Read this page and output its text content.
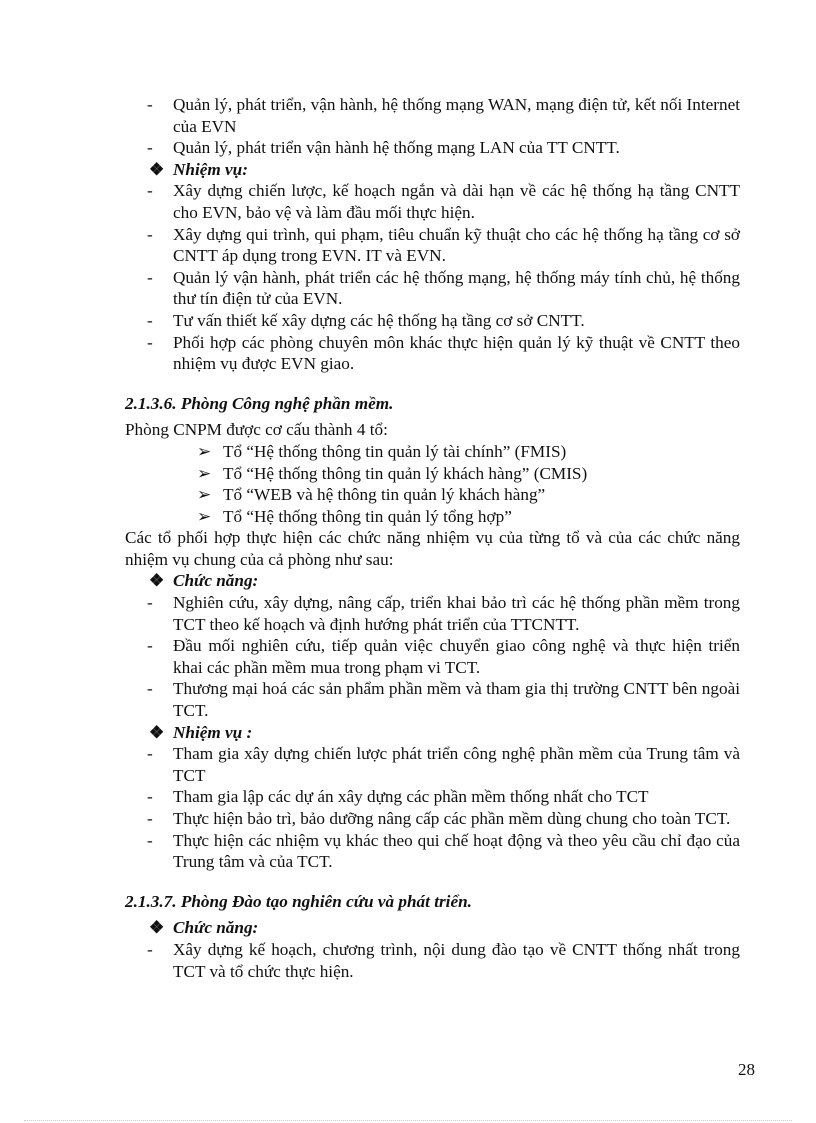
-	Quản lý, phát triển, vận hành, hệ thống mạng WAN, mạng điện tử, kết nối Internet của EVN
-	Quản lý, phát triển vận hành hệ thống mạng LAN của TT CNTT.
❖ Nhiệm vụ:
-	Xây dựng chiến lược, kế hoạch ngắn và dài hạn về các hệ thống hạ tầng CNTT cho EVN, bảo vệ và làm đầu mối thực hiện.
-	Xây dựng qui trình, qui phạm, tiêu chuẩn kỹ thuật cho các hệ thống hạ tầng cơ sở CNTT áp dụng trong EVN. IT và EVN.
-	Quản lý vận hành, phát triển các hệ thống mạng, hệ thống máy tính chủ, hệ thống thư tín điện tử của EVN.
-	Tư vấn thiết kế xây dựng các hệ thống hạ tầng cơ sở CNTT.
-	Phối hợp các phòng chuyên môn khác thực hiện quản lý kỹ thuật về CNTT theo nhiệm vụ được EVN giao.
2.1.3.6. Phòng Công nghệ phần mềm.
Phòng CNPM được cơ cấu thành 4 tổ:
➢ Tổ “Hệ thống thông tin quản lý tài chính” (FMIS)
➢ Tổ “Hệ thống thông tin quản lý khách hàng” (CMIS)
➢ Tổ “WEB và hệ thông tin quản lý khách hàng”
➢ Tổ “Hệ thống thông tin quản lý tổng hợp”
Các tổ phối hợp thực hiện các chức năng nhiệm vụ của từng tổ và của các chức năng nhiệm vụ chung của cả phòng như sau:
❖ Chức năng:
-	Nghiên cứu, xây dựng, nâng cấp, triển khai bảo trì các hệ thống phần mềm trong TCT theo kế hoạch và định hướng phát triển của TTCNTT.
-	Đầu mối nghiên cứu, tiếp quản việc chuyển giao công nghệ và thực hiện triển khai các phần mềm mua trong phạm vi TCT.
-	Thương mại hoá các sản phẩm phần mềm và tham gia thị trường CNTT bên ngoài TCT.
❖ Nhiệm vụ :
-	Tham gia xây dựng chiến lược phát triển công nghệ phần mềm của Trung tâm và TCT
-	Tham gia lập các dự án xây dựng các phần mềm thống nhất cho TCT
-	Thực hiện bảo trì, bảo dưỡng nâng cấp các phần mềm dùng chung cho toàn TCT.
-	Thực hiện các nhiệm vụ khác theo qui chế hoạt động và theo yêu cầu chỉ đạo của Trung tâm và của TCT.
2.1.3.7. Phòng Đào tạo nghiên cứu và phát triển.
❖ Chức năng:
-	Xây dựng kế hoạch, chương trình, nội dung đào tạo về CNTT thống nhất trong TCT và tổ chức thực hiện.
28
